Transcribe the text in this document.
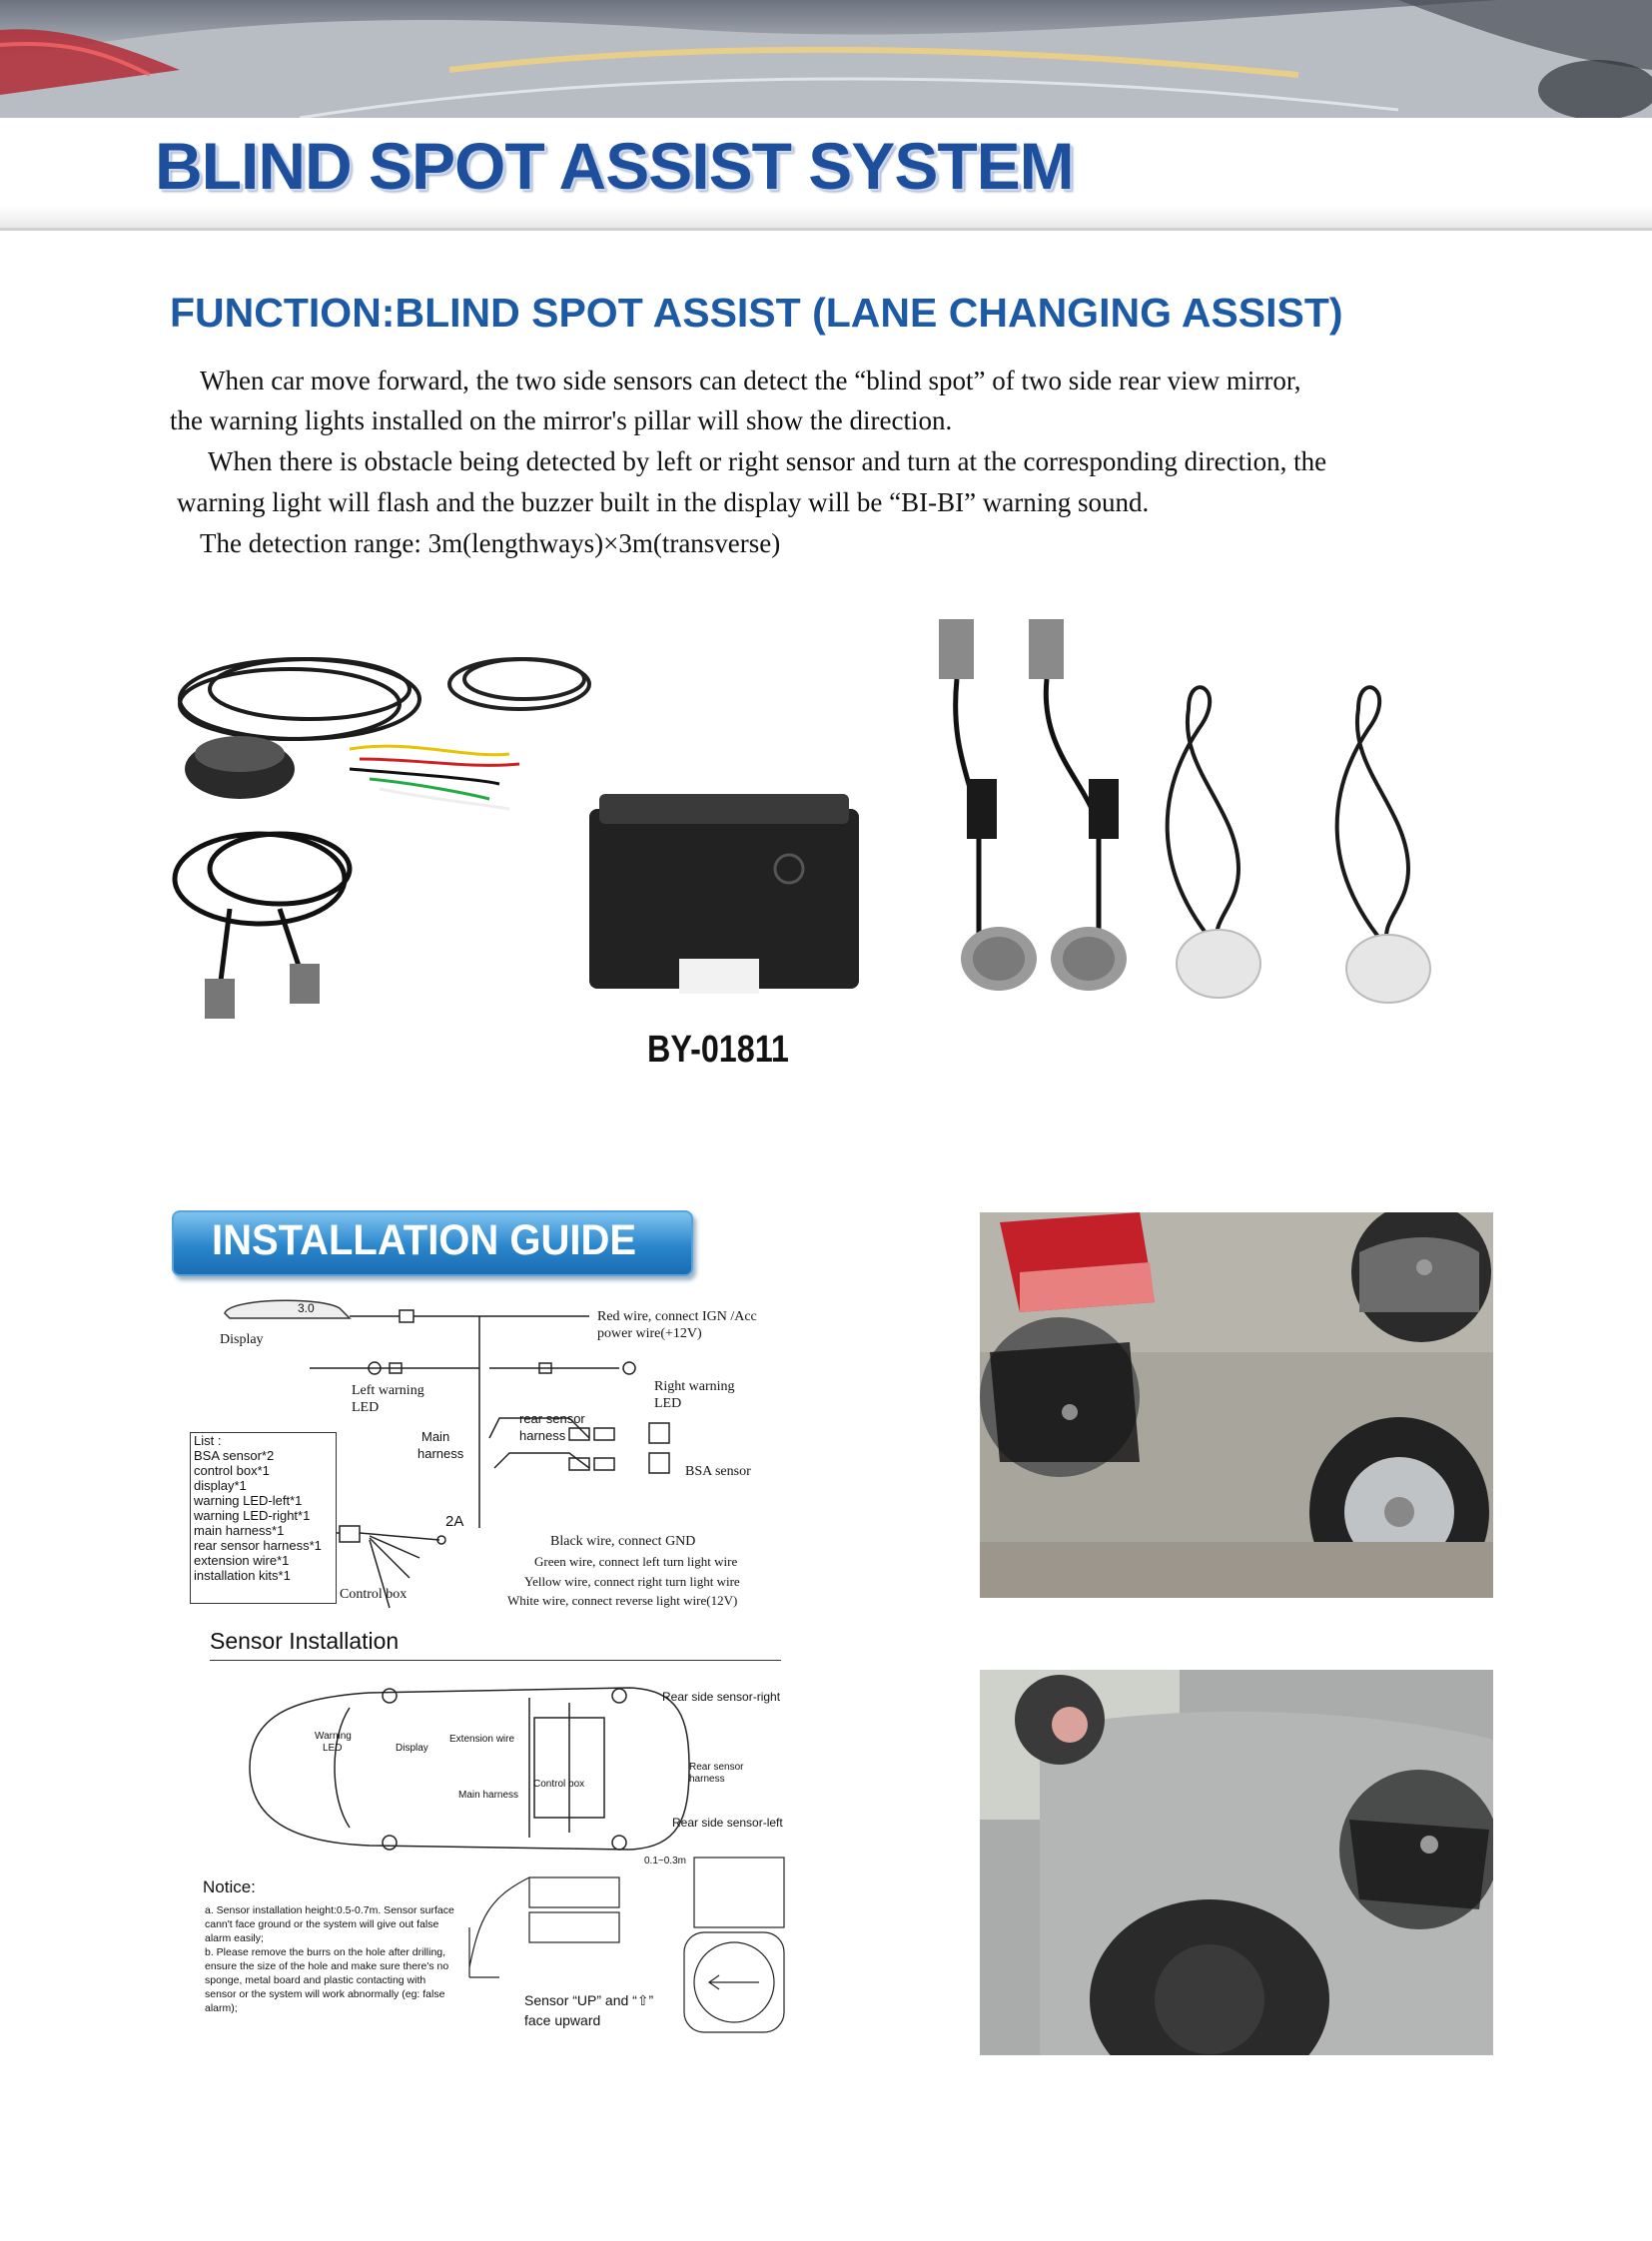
BLIND SPOT ASSIST SYSTEM
FUNCTION:BLIND SPOT ASSIST (LANE CHANGING ASSIST)
When car move forward, the two side sensors can detect the “blind spot” of two side rear view mirror,
the warning lights installed on the mirror's pillar will show the direction.
When there is obstacle being detected by left or right sensor and turn at the corresponding direction, the
warning light will flash and the buzzer built in the display will be “BI-BI” warning sound.
The detection range: 3m(lengthways)×3m(transverse)
BY-01811
INSTALLATION GUIDE
Display
3.0
Red wire, connect IGN /Acc
power wire(+12V)
Left warning
LED
Right warning
LED
Main
harness
rear sensor
harness
BSA sensor
2A
Black wire, connect GND
Green wire, connect left turn light wire
Yellow wire, connect right turn light wire
White wire, connect reverse light wire(12V)
Control box
List :
BSA sensor*2
control box*1
display*1
warning LED-left*1
warning LED-right*1
main harness*1
rear sensor harness*1
extension wire*1
installation kits*1
Sensor Installation
Rear side sensor-right
Rear side sensor-left
Warning
LED	Display
Extension wire
Rear sensor
harness
Control box
Main harness
0.1~0.3m
Notice:
a. Sensor installation height:0.5-0.7m. Sensor surface
cann't face ground or the system will give out false
alarm easily;
b. Please remove the burrs on the hole after drilling,
ensure the size of the hole and make sure there's no
sponge, metal board and plastic contacting with
sensor or the system will work abnormally (eg: false
alarm);	Sensor “UP” and “⇧”
face upward
